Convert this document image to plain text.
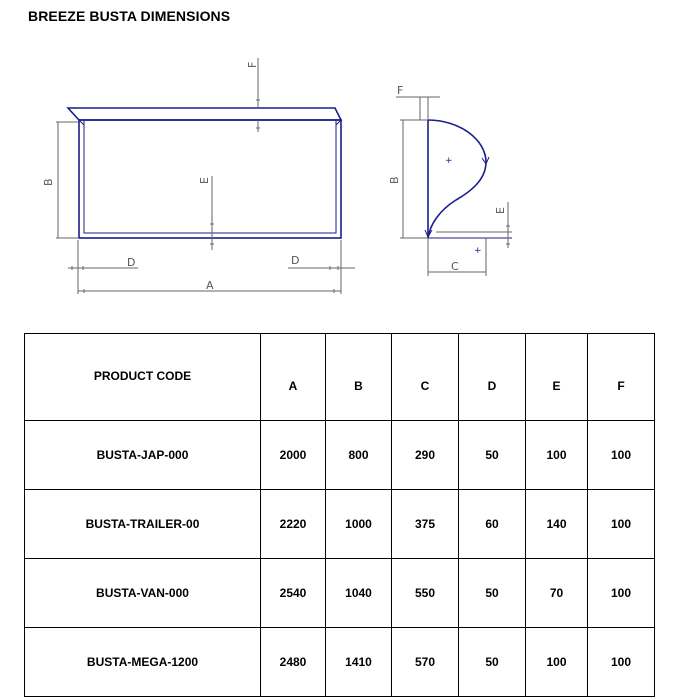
BREEZE BUSTA DIMENSIONS
B
F
E
D	D
A
+
+
F
B
C
E
PRODUCT CODE	A	B	C	D	E	F
BUSTA-JAP-000	2000	800	290	50	100	100
BUSTA-TRAILER-00	2220	1000	375	60	140	100
BUSTA-VAN-000	2540	1040	550	50	70	100
BUSTA-MEGA-1200	2480	1410	570	50	100	100
